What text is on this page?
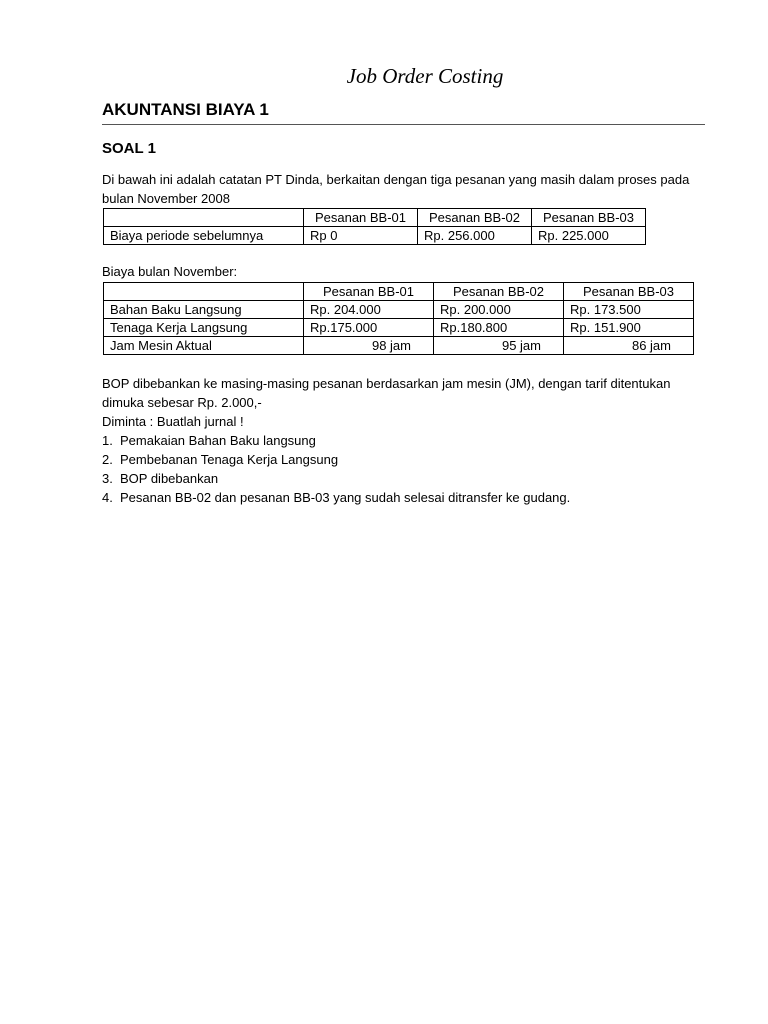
Job Order Costing
AKUNTANSI BIAYA 1
SOAL 1
Di bawah ini adalah catatan PT Dinda, berkaitan dengan tiga pesanan yang masih dalam proses pada bulan November 2008
	Pesanan BB-01	Pesanan BB-02	Pesanan BB-03
Biaya periode sebelumnya	Rp 0	Rp. 256.000	Rp. 225.000
Biaya bulan November:
	Pesanan BB-01	Pesanan BB-02	Pesanan BB-03
Bahan Baku Langsung	Rp. 204.000	Rp. 200.000	Rp. 173.500
Tenaga Kerja Langsung	Rp.175.000	Rp.180.800	Rp. 151.900
Jam Mesin Aktual	98 jam	95 jam	86 jam
BOP dibebankan ke masing-masing pesanan berdasarkan jam mesin (JM), dengan tarif ditentukan dimuka sebesar Rp. 2.000,-
Diminta : Buatlah jurnal !
1. Pemakaian Bahan Baku langsung
2. Pembebanan Tenaga Kerja Langsung
3. BOP dibebankan
4. Pesanan BB-02 dan pesanan BB-03 yang sudah selesai ditransfer ke gudang.
